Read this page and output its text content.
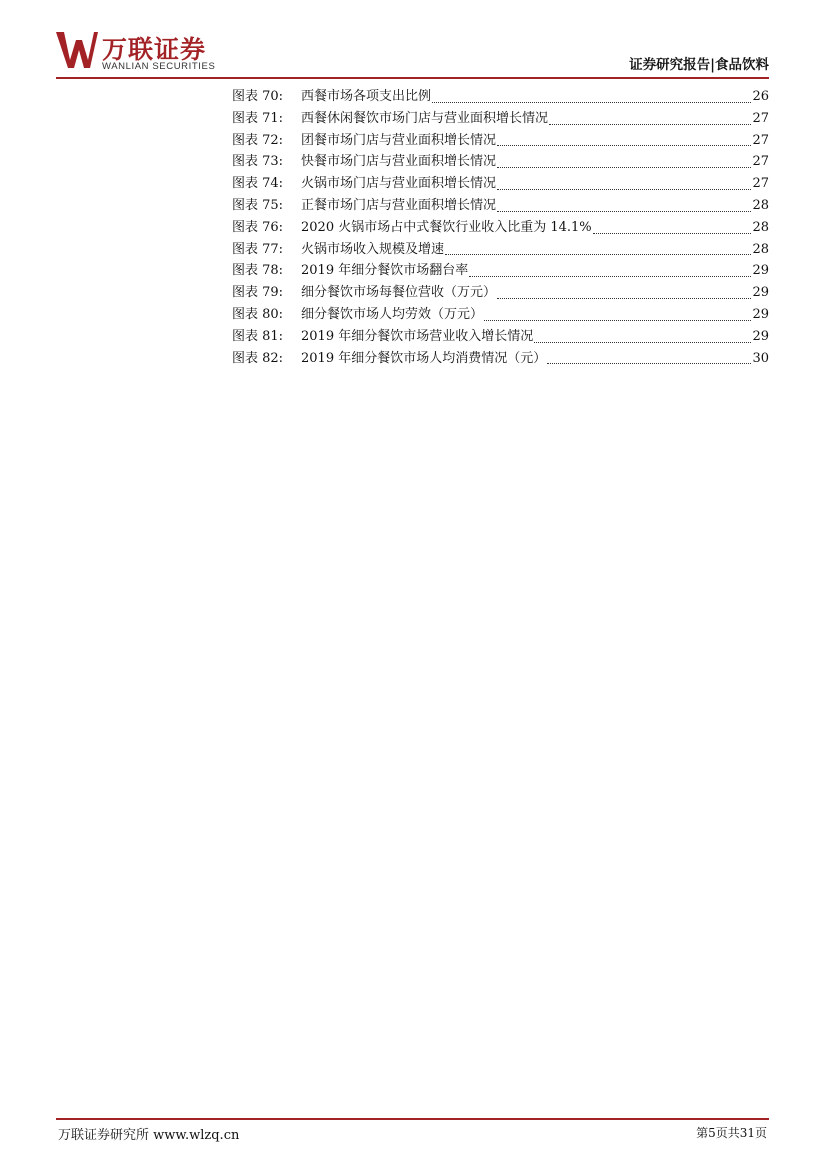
万联证券
WANLIAN SECURITIES	证券研究报告|食品饮料
图表 70:	西餐市场各项支出比例	26
图表 71:	西餐休闲餐饮市场门店与营业面积增长情况	27
图表 72:	团餐市场门店与营业面积增长情况	27
图表 73:	快餐市场门店与营业面积增长情况	27
图表 74:	火锅市场门店与营业面积增长情况	27
图表 75:	正餐市场门店与营业面积增长情况	28
图表 76:	2020 火锅市场占中式餐饮行业收入比重为 14.1%	28
图表 77:	火锅市场收入规模及增速	28
图表 78:	2019 年细分餐饮市场翻台率	29
图表 79:	细分餐饮市场每餐位营收（万元）	29
图表 80:	细分餐饮市场人均劳效（万元）	29
图表 81:	2019 年细分餐饮市场营业收入增长情况	29
图表 82:	2019 年细分餐饮市场人均消费情况（元）	30
万联证券研究所 www.wlzq.cn	第5页共31页
